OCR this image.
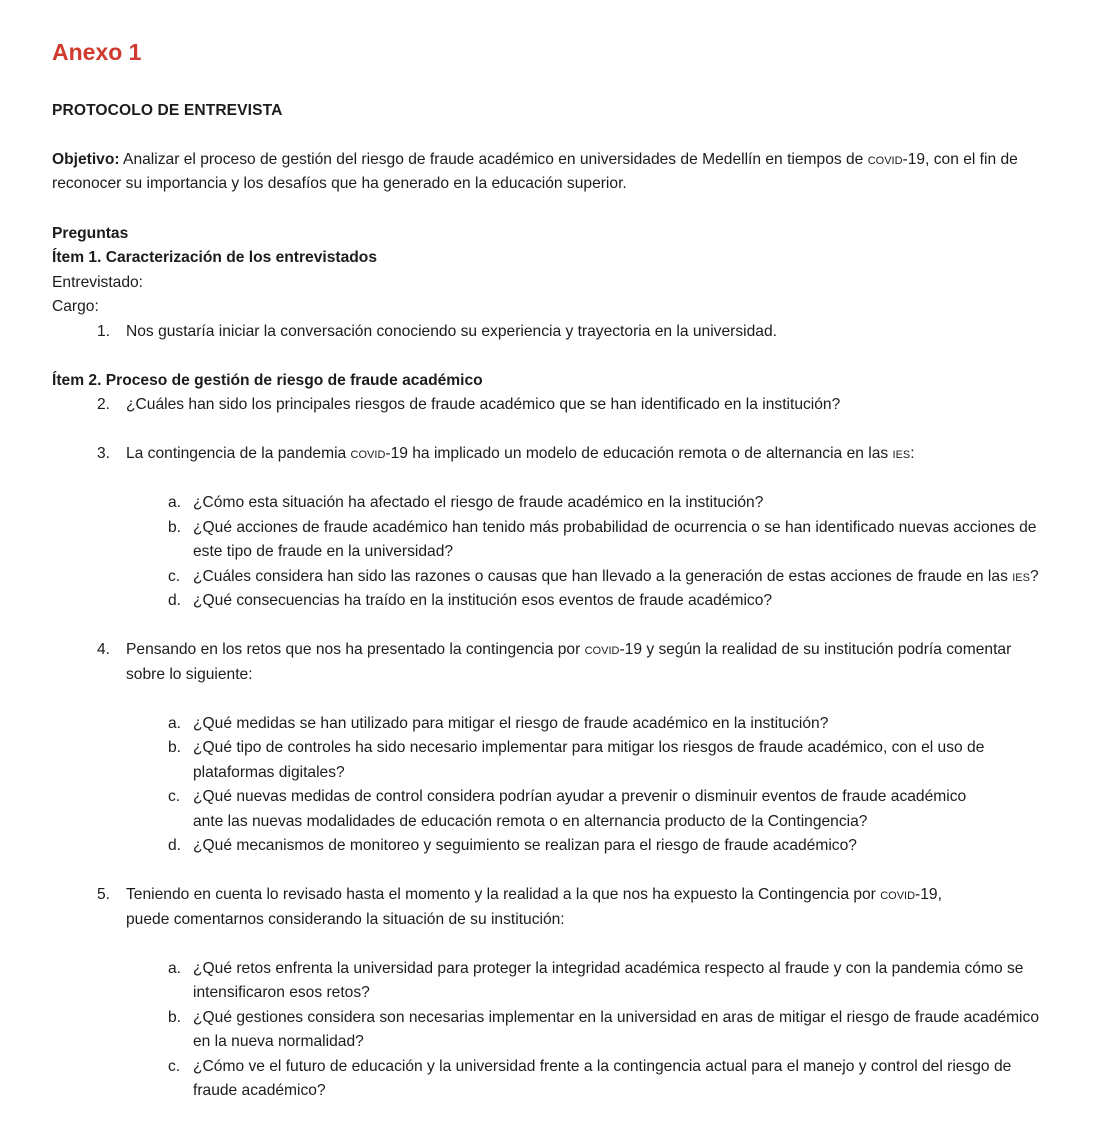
Anexo 1
PROTOCOLO DE ENTREVISTA

Objetivo: Analizar el proceso de gestión del riesgo de fraude académico en universidades de Medellín en tiempos de covid-19, con el fin de reconocer su importancia y los desafíos que ha generado en la educación superior.

Preguntas
Ítem 1. Caracterización de los entrevistados
Entrevistado:
Cargo:
1. Nos gustaría iniciar la conversación conociendo su experiencia y trayectoria en la universidad.
Ítem 2. Proceso de gestión de riesgo de fraude académico
2. ¿Cuáles han sido los principales riesgos de fraude académico que se han identificado en la institución?
3. La contingencia de la pandemia covid-19 ha implicado un modelo de educación remota o de alternancia en las ies:
a. ¿Cómo esta situación ha afectado el riesgo de fraude académico en la institución?
b. ¿Qué acciones de fraude académico han tenido más probabilidad de ocurrencia o se han identificado nuevas acciones de este tipo de fraude en la universidad?
c. ¿Cuáles considera han sido las razones o causas que han llevado a la generación de estas acciones de fraude en las ies?
d. ¿Qué consecuencias ha traído en la institución esos eventos de fraude académico?
4. Pensando en los retos que nos ha presentado la contingencia por covid-19 y según la realidad de su institución podría comentar sobre lo siguiente:
a. ¿Qué medidas se han utilizado para mitigar el riesgo de fraude académico en la institución?
b. ¿Qué tipo de controles ha sido necesario implementar para mitigar los riesgos de fraude académico, con el uso de plataformas digitales?
c. ¿Qué nuevas medidas de control considera podrían ayudar a prevenir o disminuir eventos de fraude académico
ante las nuevas modalidades de educación remota o en alternancia producto de la Contingencia?
d. ¿Qué mecanismos de monitoreo y seguimiento se realizan para el riesgo de fraude académico?
5. Teniendo en cuenta lo revisado hasta el momento y la realidad a la que nos ha expuesto la Contingencia por covid-19,
puede comentarnos considerando la situación de su institución:
a. ¿Qué retos enfrenta la universidad para proteger la integridad académica respecto al fraude y con la pandemia cómo se intensificaron esos retos?
b. ¿Qué gestiones considera son necesarias implementar en la universidad en aras de mitigar el riesgo de fraude académico en la nueva normalidad?
c. ¿Cómo ve el futuro de educación y la universidad frente a la contingencia actual para el manejo y control del riesgo de fraude académico?
